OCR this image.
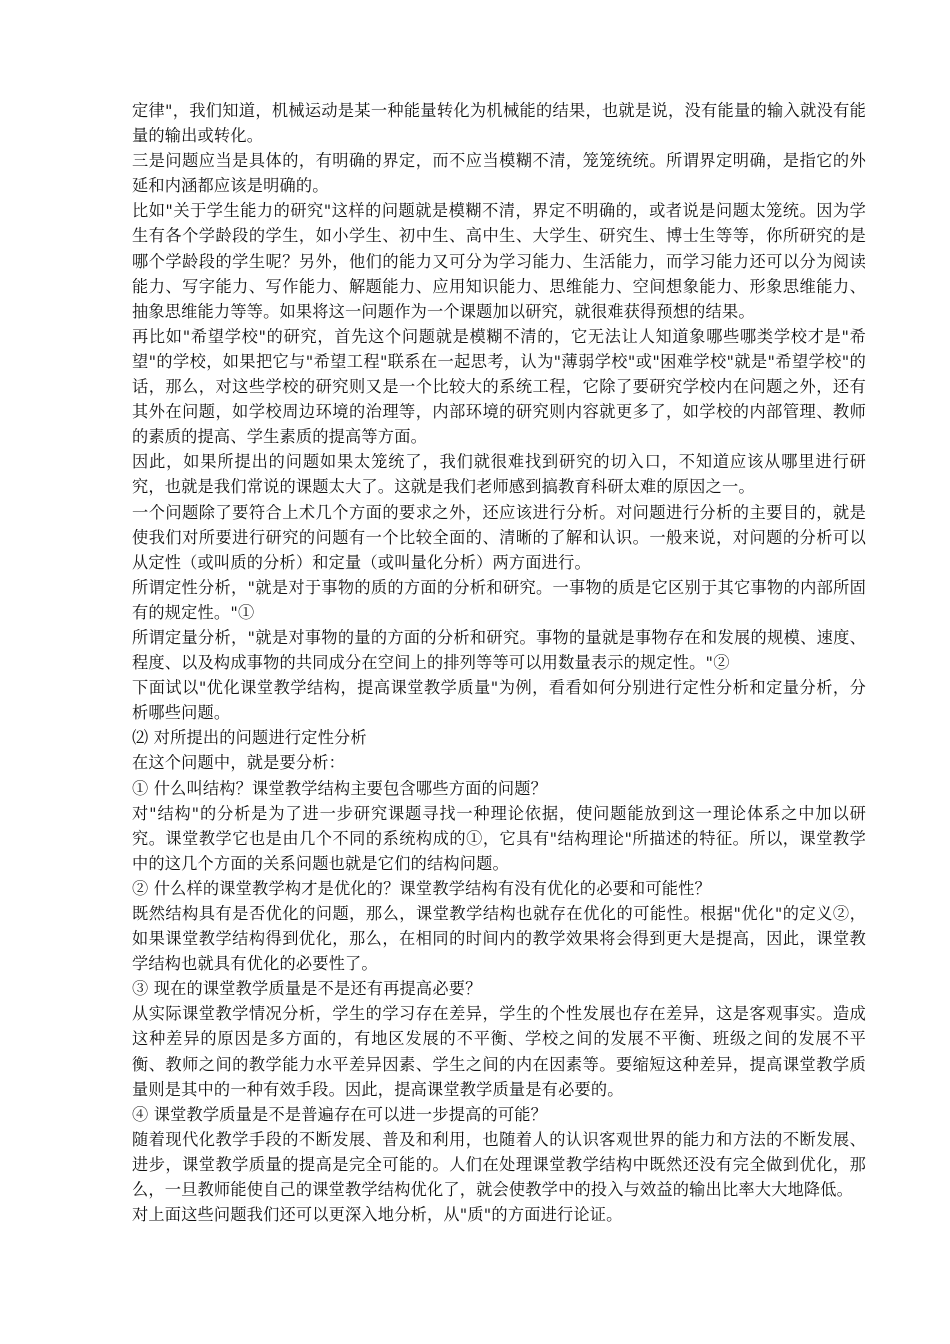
定律"，我们知道，机械运动是某一种能量转化为机械能的结果，也就是说，没有能量的输入就没有能量的输出或转化。

三是问题应当是具体的，有明确的界定，而不应当模糊不清，笼笼统统。所谓界定明确，是指它的外延和内涵都应该是明确的。

比如"关于学生能力的研究"这样的问题就是模糊不清，界定不明确的，或者说是问题太笼统。因为学生有各个学龄段的学生，如小学生、初中生、高中生、大学生、研究生、博士生等等，你所研究的是哪个学龄段的学生呢？另外，他们的能力又可分为学习能力、生活能力，而学习能力还可以分为阅读能力、写字能力、写作能力、解题能力、应用知识能力、思维能力、空间想象能力、形象思维能力、抽象思维能力等等。如果将这一问题作为一个课题加以研究，就很难获得预想的结果。

再比如"希望学校"的研究，首先这个问题就是模糊不清的，它无法让人知道象哪些哪类学校才是"希望"的学校，如果把它与"希望工程"联系在一起思考，认为"薄弱学校"或"困难学校"就是"希望学校"的话，那么，对这些学校的研究则又是一个比较大的系统工程，它除了要研究学校内在问题之外，还有其外在问题，如学校周边环境的治理等，内部环境的研究则内容就更多了，如学校的内部管理、教师的素质的提高、学生素质的提高等方面。

因此，如果所提出的问题如果太笼统了，我们就很难找到研究的切入口，不知道应该从哪里进行研究，也就是我们常说的课题太大了。这就是我们老师感到搞教育科研太难的原因之一。

一个问题除了要符合上术几个方面的要求之外，还应该进行分析。对问题进行分析的主要目的，就是使我们对所要进行研究的问题有一个比较全面的、清晰的了解和认识。一般来说，对问题的分析可以从定性（或叫质的分析）和定量（或叫量化分析）两方面进行。

所谓定性分析，"就是对于事物的质的方面的分析和研究。一事物的质是它区别于其它事物的内部所固有的规定性。"①

所谓定量分析，"就是对事物的量的方面的分析和研究。事物的量就是事物存在和发展的规模、速度、程度、以及构成事物的共同成分在空间上的排列等等可以用数量表示的规定性。"②

下面试以"优化课堂教学结构，提高课堂教学质量"为例，看看如何分别进行定性分析和定量分析，分析哪些问题。

⑵ 对所提出的问题进行定性分析

在这个问题中，就是要分析：

① 什么叫结构？课堂教学结构主要包含哪些方面的问题？

对"结构"的分析是为了进一步研究课题寻找一种理论依据，使问题能放到这一理论体系之中加以研究。课堂教学它也是由几个不同的系统构成的①，它具有"结构理论"所描述的特征。所以，课堂教学中的这几个方面的关系问题也就是它们的结构问题。

② 什么样的课堂教学构才是优化的？课堂教学结构有没有优化的必要和可能性？

既然结构具有是否优化的问题，那么，课堂教学结构也就存在优化的可能性。根据"优化"的定义②，如果课堂教学结构得到优化，那么，在相同的时间内的教学效果将会得到更大是提高，因此，课堂教学结构也就具有优化的必要性了。

③ 现在的课堂教学质量是不是还有再提高必要？

从实际课堂教学情况分析，学生的学习存在差异，学生的个性发展也存在差异，这是客观事实。造成这种差异的原因是多方面的，有地区发展的不平衡、学校之间的发展不平衡、班级之间的发展不平衡、教师之间的教学能力水平差异因素、学生之间的内在因素等。要缩短这种差异，提高课堂教学质量则是其中的一种有效手段。因此，提高课堂教学质量是有必要的。

④ 课堂教学质量是不是普遍存在可以进一步提高的可能？

随着现代化教学手段的不断发展、普及和利用，也随着人的认识客观世界的能力和方法的不断发展、进步，课堂教学质量的提高是完全可能的。人们在处理课堂教学结构中既然还没有完全做到优化，那么，一旦教师能使自己的课堂教学结构优化了，就会使教学中的投入与效益的输出比率大大地降低。

对上面这些问题我们还可以更深入地分析，从"质"的方面进行论证。
